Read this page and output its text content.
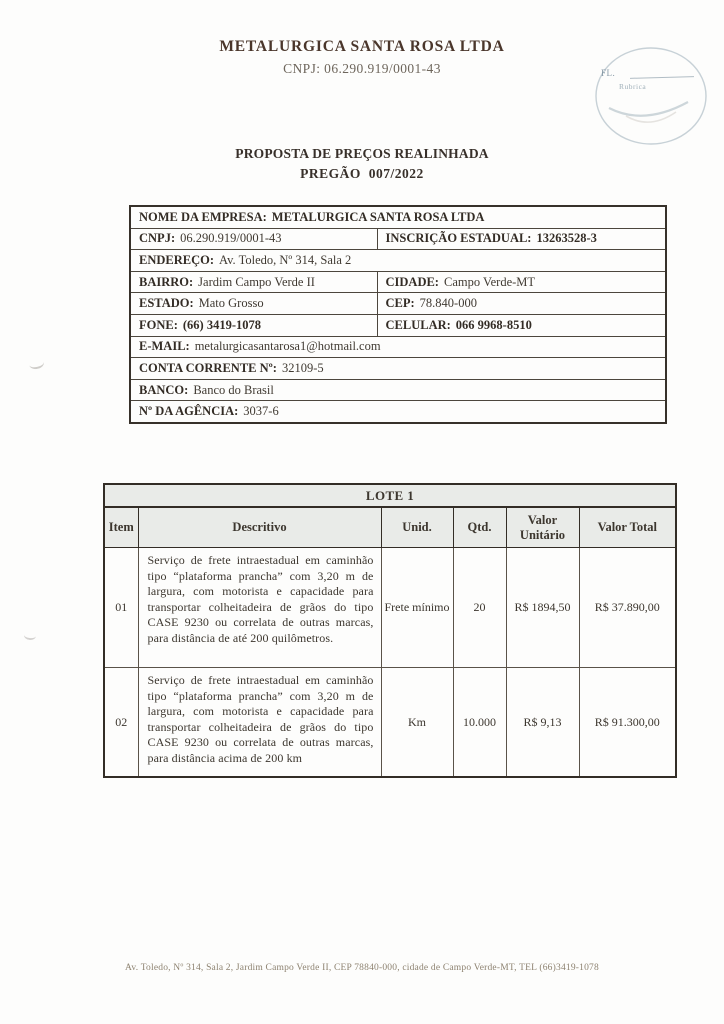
METALURGICA SANTA ROSA LTDA
CNPJ: 06.290.919/0001-43	FL.
Rubrica
PROPOSTA DE PREÇOS REALINHADA
PREGÃO 007/2022
NOME DA EMPRESA: METALURGICA SANTA ROSA LTDA	
CNPJ: 06.290.919/0001-43	INSCRIÇÃO ESTADUAL: 13263528-3
ENDEREÇO: Av. Toledo, Nº 314, Sala 2	
BAIRRO: Jardim Campo Verde II	CIDADE: Campo Verde-MT
ESTADO: Mato Grosso	CEP: 78.840-000
FONE: (66) 3419-1078	CELULAR: 066 9968-8510
E-MAIL: metalurgicasantarosa1@hotmail.com	
CONTA CORRENTE Nº: 32109-5	
BANCO: Banco do Brasil	
Nº DA AGÊNCIA: 3037-6	
LOTE 1					
Item	Descritivo	Unid.	Qtd.	Valor Unitário	Valor Total
01	Serviço de frete intraestadual em caminhão tipo “plataforma prancha” com 3,20 m de largura, com motorista e capacidade para transportar colheitadeira de grãos do tipo CASE 9230 ou correlata de outras marcas, para distância de até 200 quilômetros.	Frete mínimo	20	R$ 1894,50	R$ 37.890,00
02	Serviço de frete intraestadual em caminhão tipo “plataforma prancha” com 3,20 m de largura, com motorista e capacidade para transportar colheitadeira de grãos do tipo CASE 9230 ou correlata de outras marcas, para distância acima de 200 km	Km	10.000	R$ 9,13	R$ 91.300,00
Av. Toledo, Nº 314, Sala 2, Jardim Campo Verde II, CEP 78840-000, cidade de Campo Verde-MT, TEL (66)3419-1078
